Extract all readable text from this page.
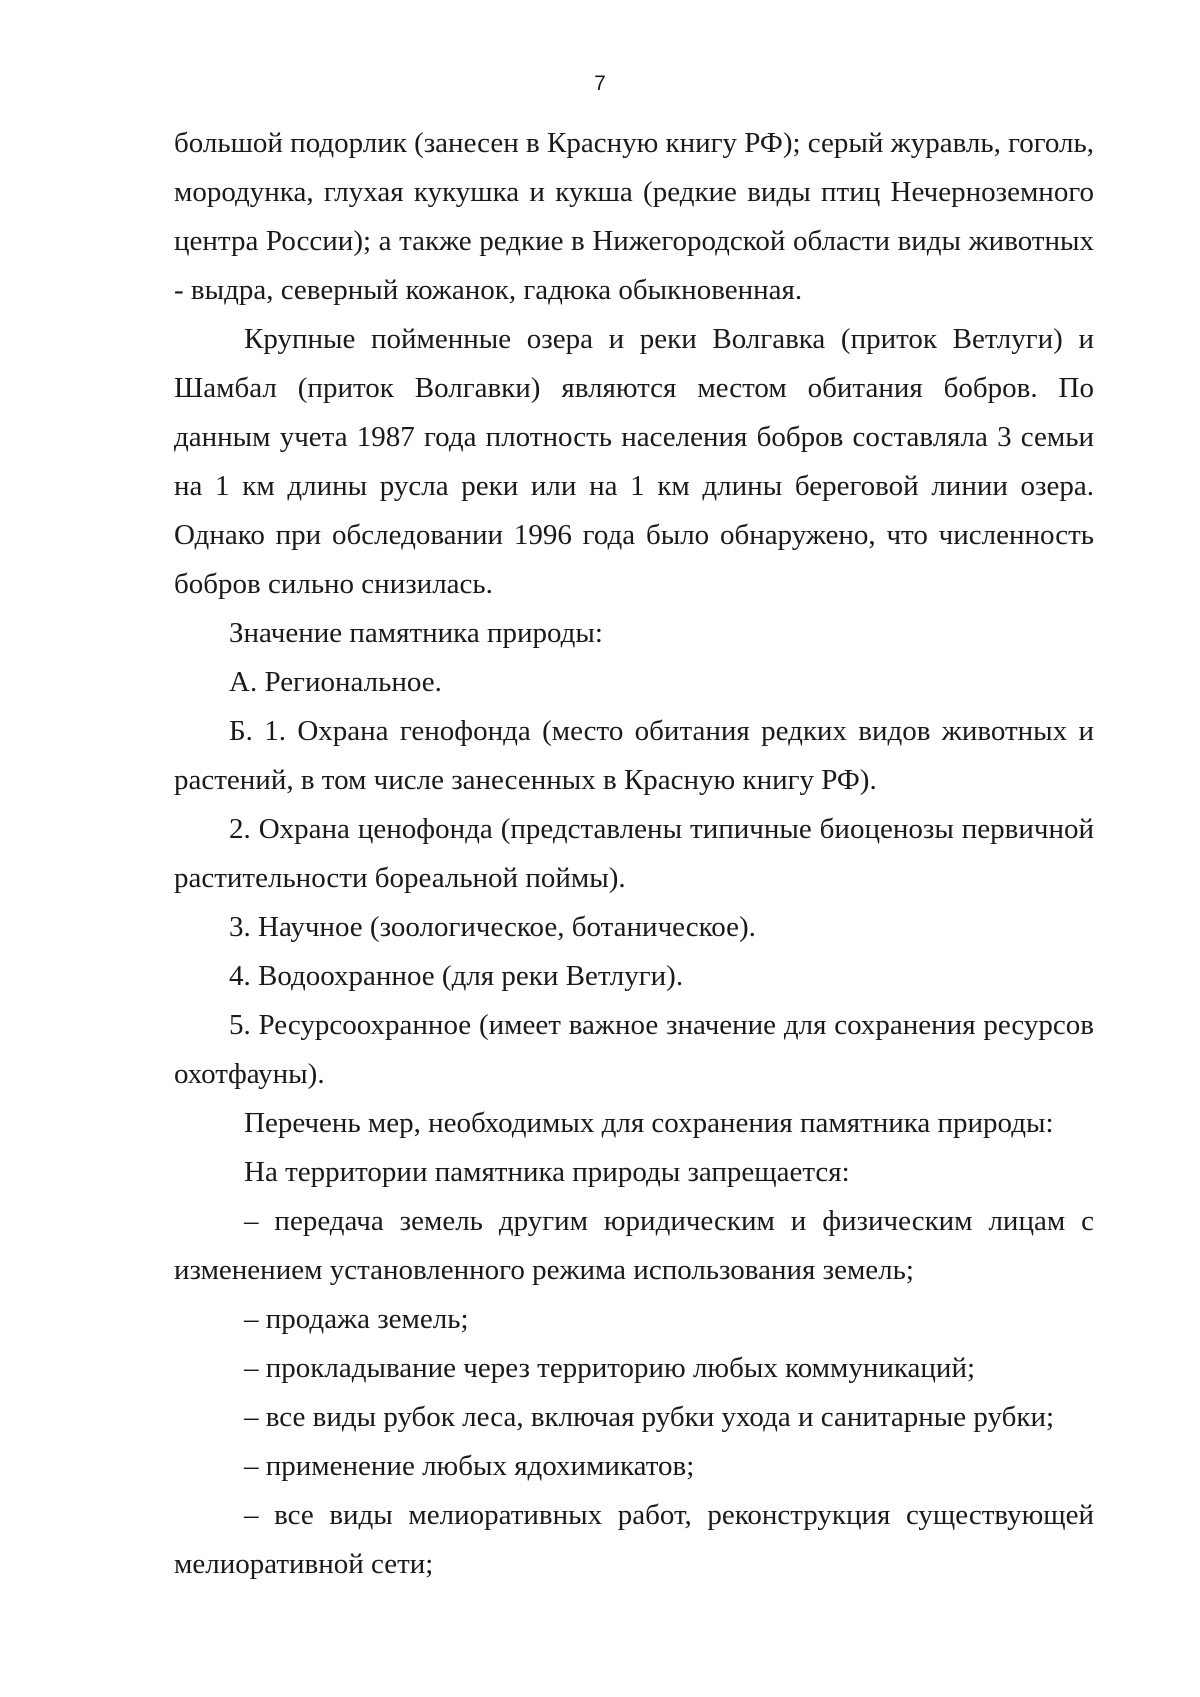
7

большой подорлик (занесен в Красную книгу РФ); серый журавль, гоголь, мородунка, глухая кукушка и кукша (редкие виды птиц Нечерноземного центра России); а также редкие в Нижегородской области виды животных - выдра, северный кожанок, гадюка обыкновенная.

Крупные пойменные озера и реки Волгавка (приток Ветлуги) и Шамбал (приток Волгавки) являются местом обитания бобров. По данным учета 1987 года плотность населения бобров составляла 3 семьи на 1 км длины русла реки или на 1 км длины береговой линии озера. Однако при обследовании 1996 года было обнаружено, что численность бобров сильно снизилась.

Значение памятника природы:

А. Региональное.

Б. 1. Охрана генофонда (место обитания редких видов животных и растений, в том числе занесенных в Красную книгу РФ).

2. Охрана ценофонда (представлены типичные биоценозы первичной растительности бореальной поймы).

3. Научное (зоологическое, ботаническое).

4. Водоохранное (для реки Ветлуги).

5. Ресурсоохранное (имеет важное значение для сохранения ресурсов охотфауны).

Перечень мер, необходимых для сохранения памятника природы:

На территории памятника природы запрещается:

– передача земель другим юридическим и физическим лицам с изменением установленного режима использования земель;

– продажа земель;

– прокладывание через территорию любых коммуникаций;

– все виды рубок леса, включая рубки ухода и санитарные рубки;

– применение любых ядохимикатов;

– все виды мелиоративных работ, реконструкция существующей мелиоративной сети;
